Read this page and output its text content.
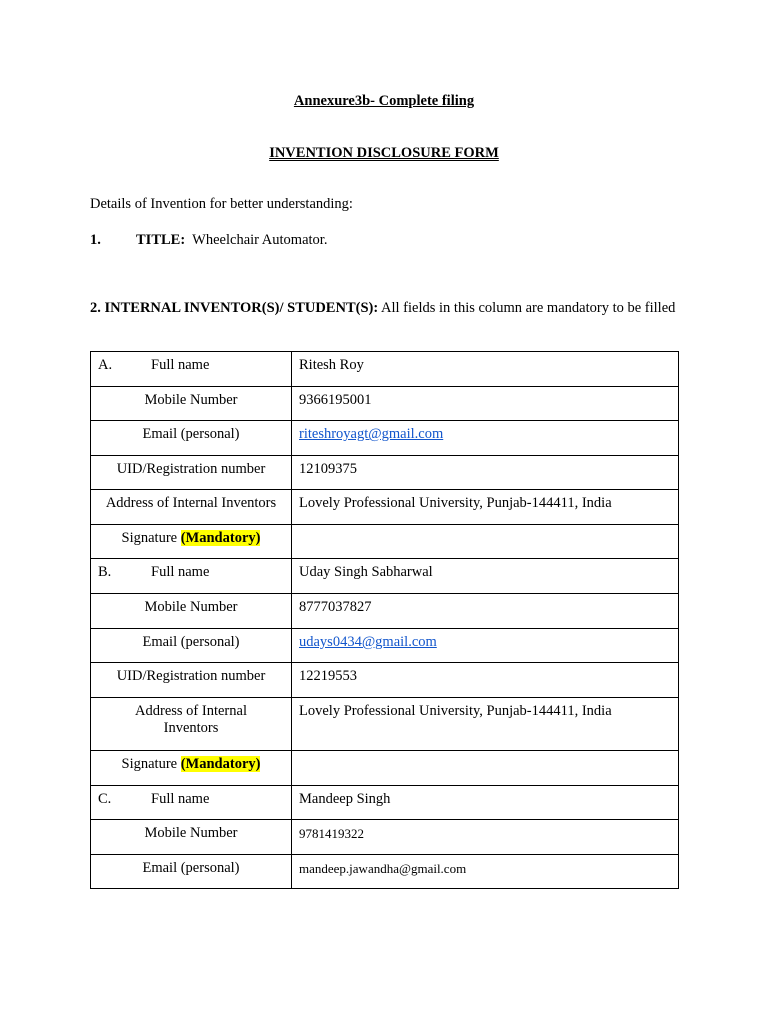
Annexure3b- Complete filing
INVENTION DISCLOSURE FORM
Details of Invention for better understanding:
1. TITLE: Wheelchair Automator.
2. INTERNAL INVENTOR(S)/ STUDENT(S): All fields in this column are mandatory to be filled
A. Full name	Ritesh Roy

Mobile Number	9366195001

Email (personal)	riteshroyagt@gmail.com

UID/Registration number	12109375

Address of Internal Inventors	Lovely Professional University, Punjab-144411, India

Signature (Mandatory)	

B. Full name	Uday Singh Sabharwal

Mobile Number	8777037827

Email (personal)	udays0434@gmail.com

UID/Registration number	12219553

Address of Internal
Inventors	Lovely Professional University, Punjab-144411, India

Signature (Mandatory)	

C. Full name	Mandeep Singh

Mobile Number	9781419322

Email (personal)	mandeep.jawandha@gmail.com
